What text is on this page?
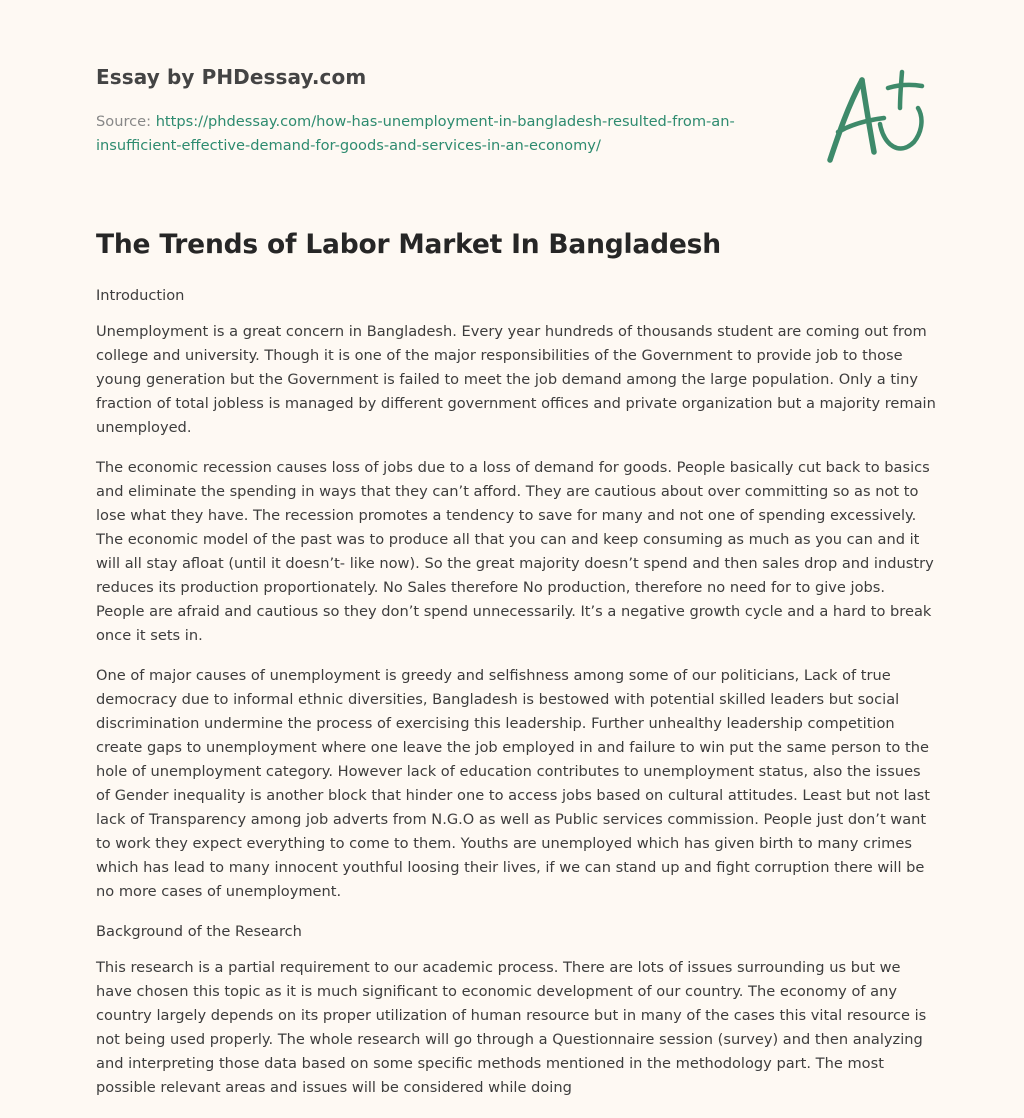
Essay by PHDessay.com
Source: https://phdessay.com/how-has-unemployment-in-bangladesh-resulted-from-an-insufficient-effective-demand-for-goods-and-services-in-an-economy/
The Trends of Labor Market In Bangladesh
Introduction

Unemployment is a great concern in Bangladesh. Every year hundreds of thousands student are coming out from college and university. Though it is one of the major responsibilities of the Government to provide job to those young generation but the Government is failed to meet the job demand among the large population. Only a tiny fraction of total jobless is managed by different government offices and private organization but a majority remain unemployed.

The economic recession causes loss of jobs due to a loss of demand for goods. People basically cut back to basics and eliminate the spending in ways that they can’t afford. They are cautious about over committing so as not to lose what they have. The recession promotes a tendency to save for many and not one of spending excessively. The economic model of the past was to produce all that you can and keep consuming as much as you can and it will all stay afloat (until it doesn’t- like now). So the great majority doesn’t spend and then sales drop and industry reduces its production proportionately. No Sales therefore No production, therefore no need for to give jobs. People are afraid and cautious so they don’t spend unnecessarily. It’s a negative growth cycle and a hard to break once it sets in.

One of major causes of unemployment is greedy and selfishness among some of our politicians, Lack of true democracy due to informal ethnic diversities, Bangladesh is bestowed with potential skilled leaders but social discrimination undermine the process of exercising this leadership. Further unhealthy leadership competition create gaps to unemployment where one leave the job employed in and failure to win put the same person to the hole of unemployment category. However lack of education contributes to unemployment status, also the issues of Gender inequality is another block that hinder one to access jobs based on cultural attitudes. Least but not last lack of Transparency among job adverts from N.G.O as well as Public services commission. People just don’t want to work they expect everything to come to them. Youths are unemployed which has given birth to many crimes which has lead to many innocent youthful loosing their lives, if we can stand up and fight corruption there will be no more cases of unemployment.

Background of the Research

This research is a partial requirement to our academic process. There are lots of issues surrounding us but we have chosen this topic as it is much significant to economic development of our country. The economy of any country largely depends on its proper utilization of human resource but in many of the cases this vital resource is not being used properly. The whole research will go through a Questionnaire session (survey) and then analyzing and interpreting those data based on some specific methods mentioned in the methodology part. The most possible relevant areas and issues will be considered while doing
